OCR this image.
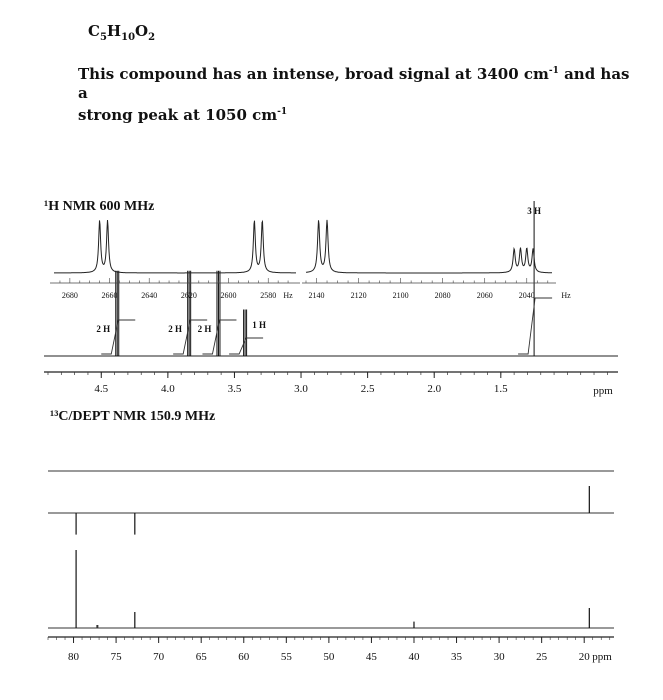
$C_5H_{10}O_2$
This compound has an intense, broad signal at 3400 $cm^{-1}$ and has a
strong peak at 1050 $cm^{-1}$
¹H NMR 600 MHz
¹³C/DEPT NMR 150.9 MHz
4.5	4.0	3.5	3.0	2.5	2.0	1.5	ppm
2 H	2 H 2 H	1 H
3 H
2680	2660	2640	2620	2600	2580 Hz 2140	2120	2100	2080	2060	2040	Hz
80	75	70	65	60	55	50	45	40	35	30	25	20 ppm
